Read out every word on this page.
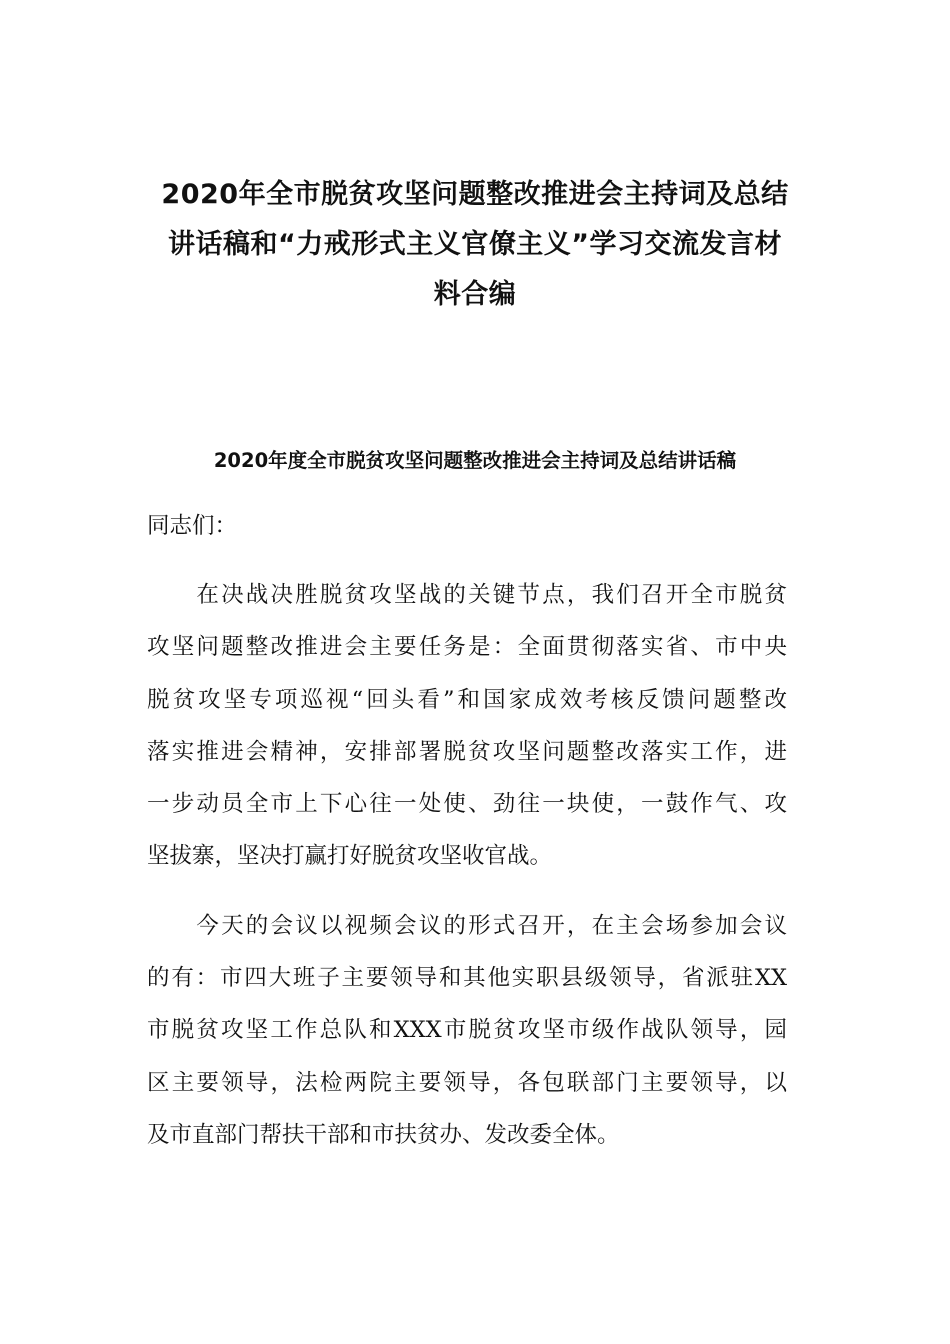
2020年全市脱贫攻坚问题整改推进会主持词及总结
讲话稿和“力戒形式主义官僚主义”学习交流发言材
料合编
2020年度全市脱贫攻坚问题整改推进会主持词及总结讲话稿

同志们：

　　在决战决胜脱贫攻坚战的关键节点，我们召开全市脱贫
攻坚问题整改推进会主要任务是：全面贯彻落实省、市中央
脱贫攻坚专项巡视“回头看”和国家成效考核反馈问题整改
落实推进会精神，安排部署脱贫攻坚问题整改落实工作，进
一步动员全市上下心往一处使、劲往一块使，一鼓作气、攻
坚拔寨，坚决打赢打好脱贫攻坚收官战。

　　今天的会议以视频会议的形式召开，在主会场参加会议
的有：市四大班子主要领导和其他实职县级领导，省派驻XX
市脱贫攻坚工作总队和XXX市脱贫攻坚市级作战队领导，园
区主要领导，法检两院主要领导，各包联部门主要领导，以
及市直部门帮扶干部和市扶贫办、发改委全体。
